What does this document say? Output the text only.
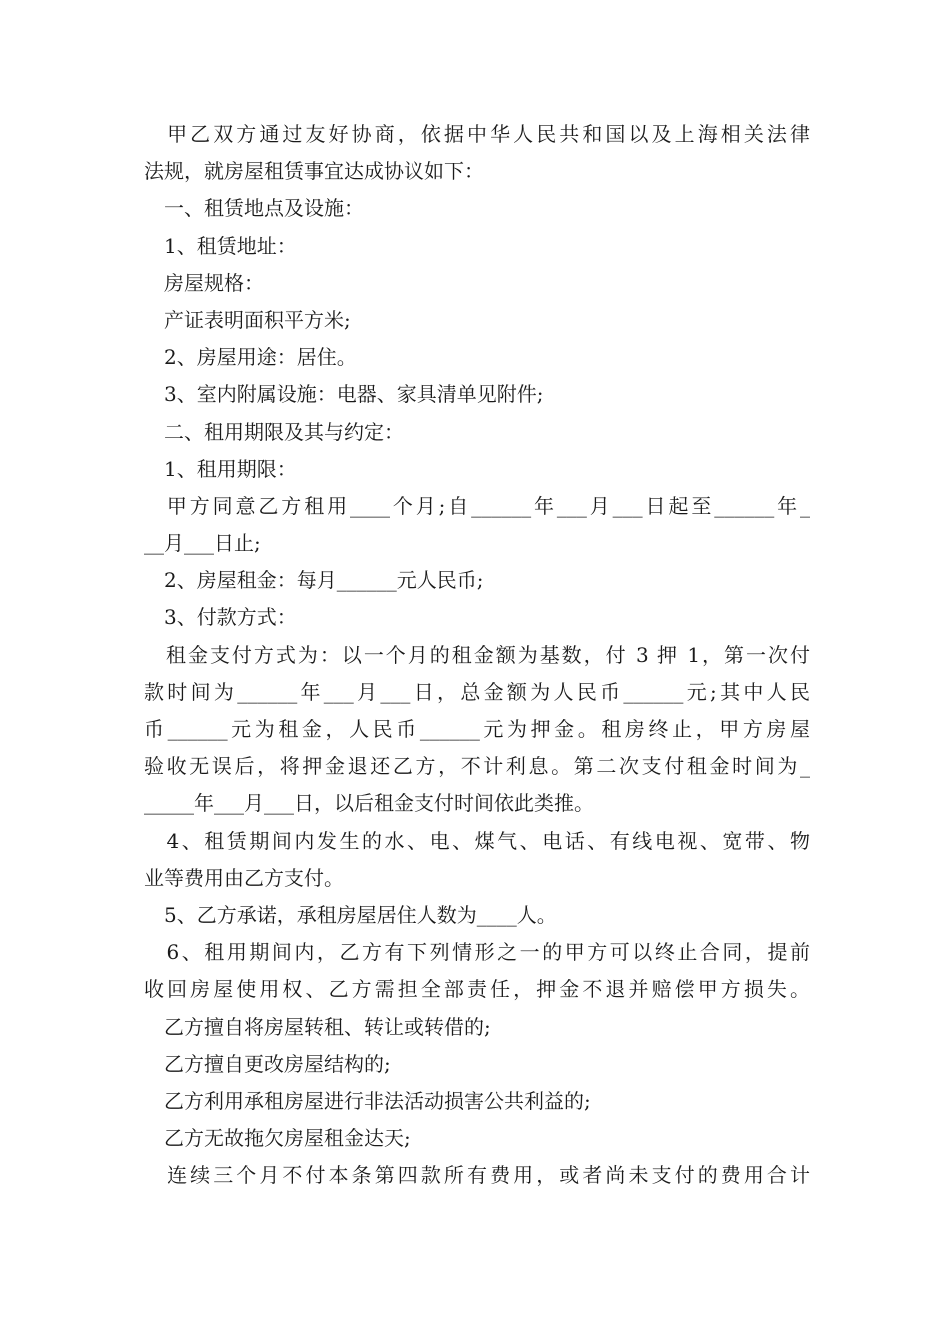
　甲乙双方通过友好协商，依据中华人民共和国以及上海相关法律
法规，就房屋租赁事宜达成协议如下：
　一、租赁地点及设施：
　1、租赁地址：
　房屋规格：
　产证表明面积平方米;
　2、房屋用途：居住。
　3、室内附属设施：电器、家具清单见附件;
　二、租用期限及其与约定：
　1、租用期限：
　甲方同意乙方租用____个月;自______年___月___日起至______年_
__月___日止;
　2、房屋租金：每月______元人民币;
　3、付款方式：
　租金支付方式为：以一个月的租金额为基数，付 3 押 1，第一次付
款时间为______年___月___日，总金额为人民币______元;其中人民
币______元为租金，人民币______元为押金。租房终止，甲方房屋
验收无误后，将押金退还乙方，不计利息。第二次支付租金时间为_
_____年___月___日，以后租金支付时间依此类推。
　4、租赁期间内发生的水、电、煤气、电话、有线电视、宽带、物
业等费用由乙方支付。
　5、乙方承诺，承租房屋居住人数为____人。
　6、租用期间内，乙方有下列情形之一的甲方可以终止合同，提前
收回房屋使用权、乙方需担全部责任，押金不退并赔偿甲方损失。
　乙方擅自将房屋转租、转让或转借的;
　乙方擅自更改房屋结构的;
　乙方利用承租房屋进行非法活动损害公共利益的;
　乙方无故拖欠房屋租金达天;
　连续三个月不付本条第四款所有费用，或者尚未支付的费用合计
